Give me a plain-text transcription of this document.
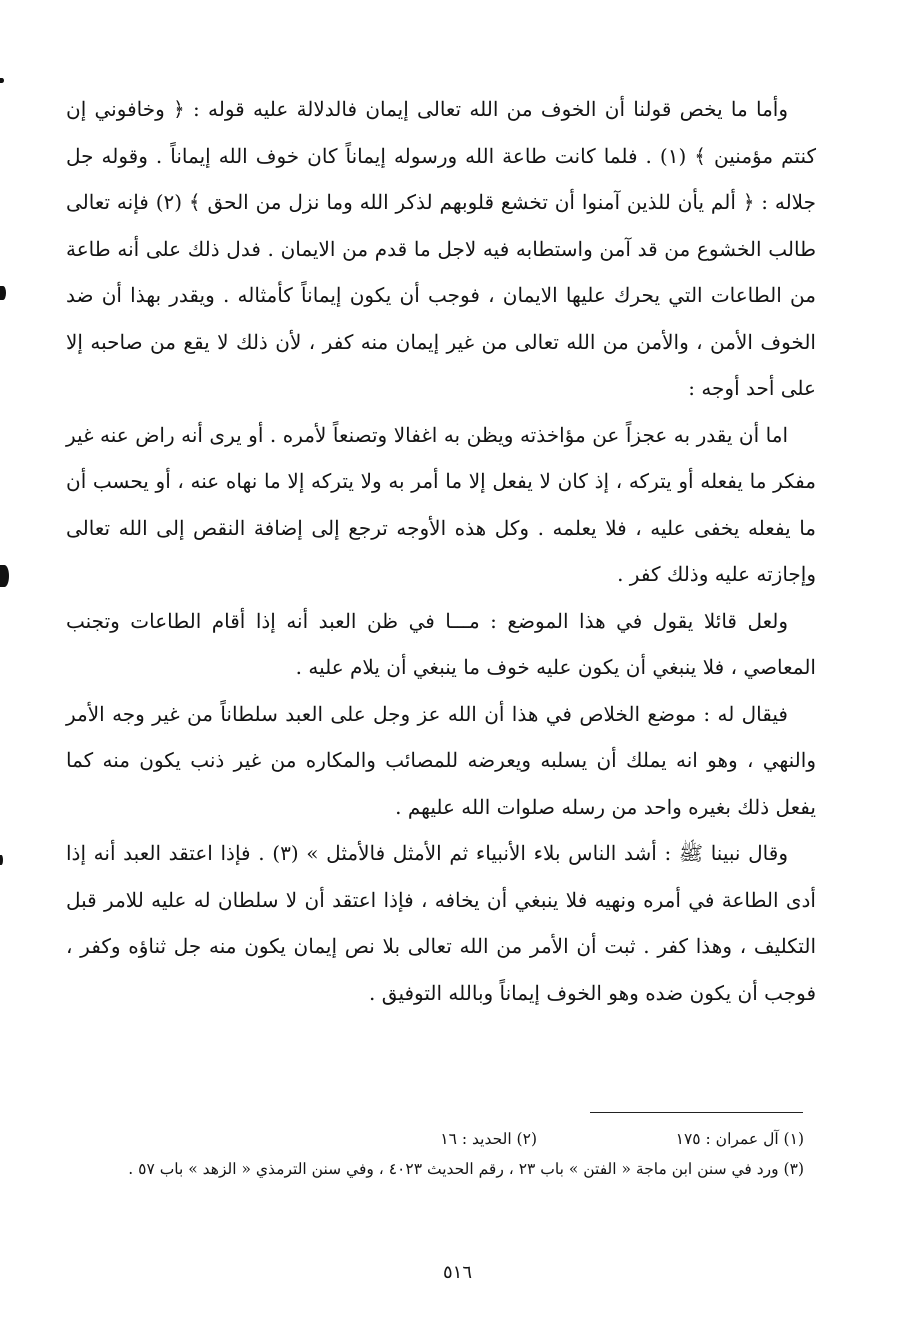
وأما ما يخص قولنا أن الخوف من الله تعالى إيمان فالدلالة عليه قوله : ﴿ وخافوني إن كنتم مؤمنين ﴾ (١) . فلما كانت طاعة الله ورسوله إيماناً كان خوف الله إيماناً . وقوله جل جلاله : ﴿ ألم يأن للذين آمنوا أن تخشع قلوبهم لذكر الله وما نزل من الحق ﴾ (٢) فإنه تعالى طالب الخشوع من قد آمن واستطابه فيه لاجل ما قدم من الايمان . فدل ذلك على أنه طاعة من الطاعات التي يحرك عليها الايمان ، فوجب أن يكون إيماناً كأمثاله . ويقدر بهذا أن ضد الخوف الأمن ، والأمن من الله تعالى من غير إيمان منه كفر ، لأن ذلك لا يقع من صاحبه إلا على أحد أوجه :

اما أن يقدر به عجزاً عن مؤاخذته ويظن به اغفالا وتصنعاً لأمره . أو يرى أنه راض عنه غير مفكر ما يفعله أو يتركه ، إذ كان لا يفعل إلا ما أمر به ولا يتركه إلا ما نهاه عنه ، أو يحسب أن ما يفعله يخفى عليه ، فلا يعلمه . وكل هذه الأوجه ترجع إلى إضافة النقص إلى الله تعالى وإجازته عليه وذلك كفر .

ولعل قائلا يقول في هذا الموضع : مـــا في ظن العبد أنه إذا أقام الطاعات وتجنب المعاصي ، فلا ينبغي أن يكون عليه خوف ما ينبغي أن يلام عليه .

فيقال له : موضع الخلاص في هذا أن الله عز وجل على العبد سلطاناً من غير وجه الأمر والنهي ، وهو انه يملك أن يسلبه ويعرضه للمصائب والمكاره من غير ذنب يكون منه كما يفعل ذلك بغيره واحد من رسله صلوات الله عليهم .

وقال نبينا ﷺ : أشد الناس بلاء الأنبياء ثم الأمثل فالأمثل » (٣) . فإذا اعتقد العبد أنه إذا أدى الطاعة في أمره ونهيه فلا ينبغي أن يخافه ، فإذا اعتقد أن لا سلطان له عليه للامر قبل التكليف ، وهذا كفر . ثبت أن الأمر من الله تعالى بلا نص إيمان يكون منه جل ثناؤه وكفر ، فوجب أن يكون ضده وهو الخوف إيماناً وبالله التوفيق .

(١) آل عمران : ١٧٥
(٢) الحديد : ١٦
(٣) ورد في سنن ابن ماجة « الفتن » باب ٢٣ ، رقم الحديث ٤٠٢٣ ، وفي سنن الترمذي « الزهد » باب ٥٧ .
٥١٦
